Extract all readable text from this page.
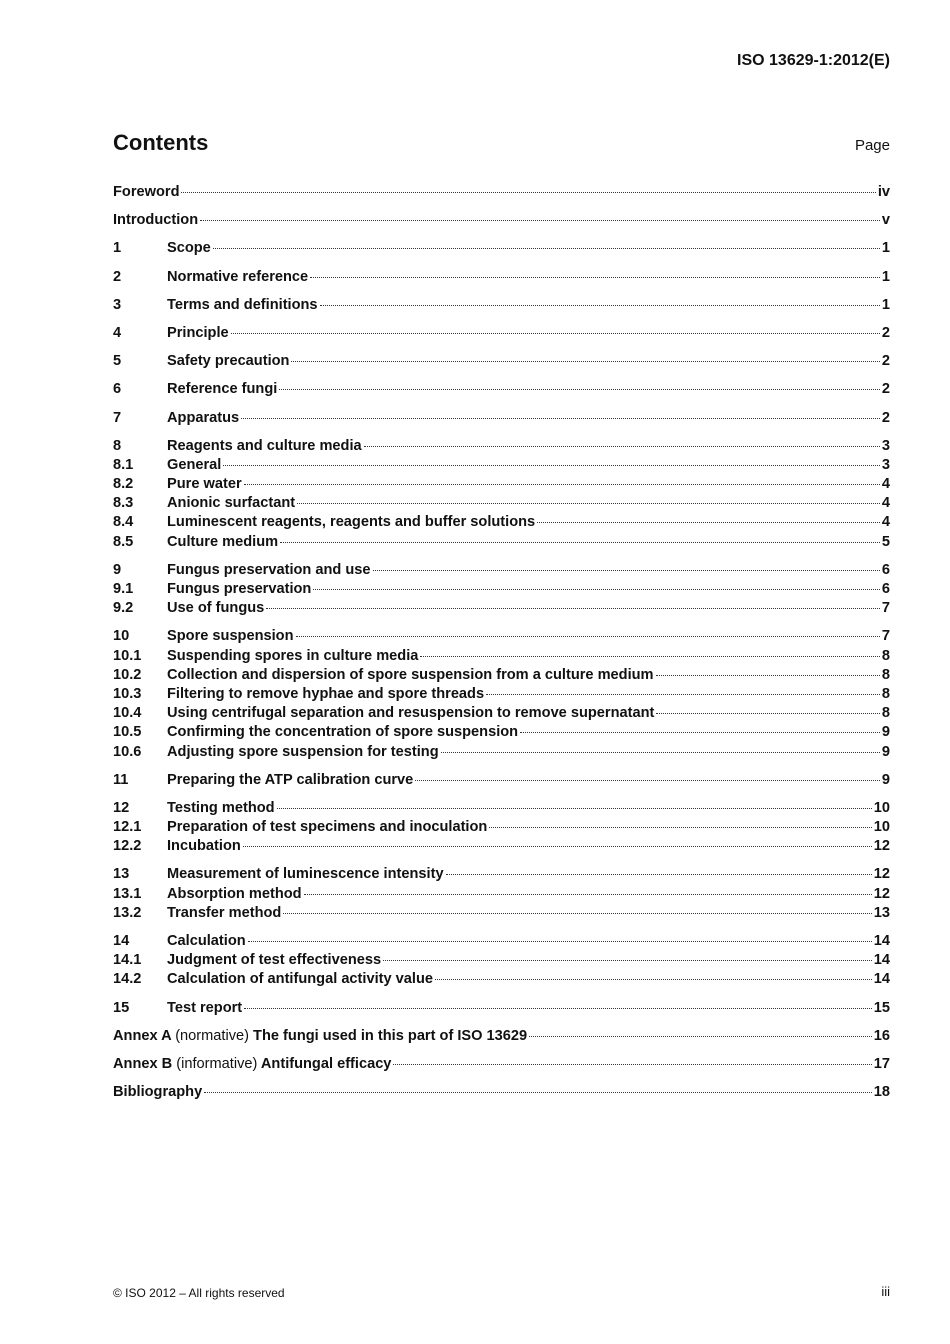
ISO 13629-1:2012(E)
Contents	Page
Foreword	iv
Introduction	v
1	Scope	1
2	Normative reference	1
3	Terms and definitions	1
4	Principle	2
5	Safety precaution	2
6	Reference fungi	2
7	Apparatus	2
8	Reagents and culture media	3
8.1	General	3
8.2	Pure water	4
8.3	Anionic surfactant	4
8.4	Luminescent reagents, reagents and buffer solutions	4
8.5	Culture medium	5
9	Fungus preservation and use	6
9.1	Fungus preservation	6
9.2	Use of fungus	7
10	Spore suspension	7
10.1	Suspending spores in culture media	8
10.2	Collection and dispersion of spore suspension from a culture medium	8
10.3	Filtering to remove hyphae and spore threads	8
10.4	Using centrifugal separation and resuspension to remove supernatant	8
10.5	Confirming the concentration of spore suspension	9
10.6	Adjusting spore suspension for testing	9
11	Preparing the ATP calibration curve	9
12	Testing method	10
12.1	Preparation of test specimens and inoculation	10
12.2	Incubation	12
13	Measurement of luminescence intensity	12
13.1	Absorption method	12
13.2	Transfer method	13
14	Calculation	14
14.1	Judgment of test effectiveness	14
14.2	Calculation of antifungal activity value	14
15	Test report	15
Annex A (normative) The fungi used in this part of ISO 13629	16
Annex B (informative) Antifungal efficacy	17
Bibliography	18
© ISO 2012 – All rights reserved	iii
